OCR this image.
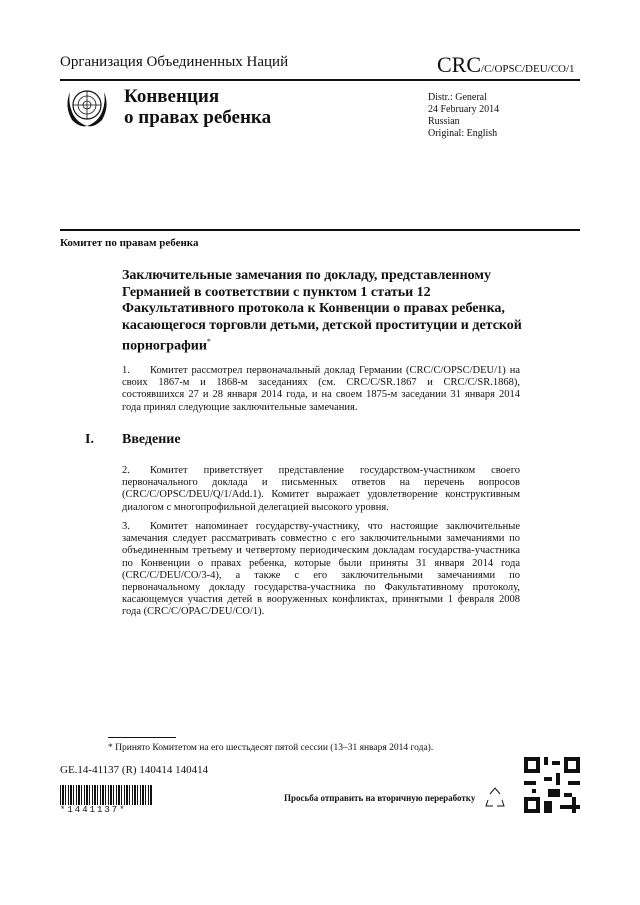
Организация Объединенных Наций	CRC/C/OPSC/DEU/CO/1
Конвенция
о правах ребенка
Distr.: General
24 February 2014
Russian
Original: English
Комитет по правам ребенка
Заключительные замечания по докладу, представленному Германией в соответствии с пунктом 1 статьи 12 Факультативного протокола к Конвенции о правах ребенка, касающегося торговли детьми, детской проституции и детской порнографии*
1. Комитет рассмотрел первоначальный доклад Германии (CRC/C/OPSC/DEU/1) на своих 1867-м и 1868-м заседаниях (см. CRC/C/SR.1867 и CRC/C/SR.1868), состоявшихся 27 и 28 января 2014 года, и на своем 1875-м заседании 31 января 2014 года принял следующие заключительные замечания.
I. Введение
2. Комитет приветствует представление государством-участником своего первоначального доклада и письменных ответов на перечень вопросов (CRC/C/OPSC/DEU/Q/1/Add.1). Комитет выражает удовлетворение конструктивным диалогом с многопрофильной делегацией высокого уровня.
3. Комитет напоминает государству-участнику, что настоящие заключительные замечания следует рассматривать совместно с его заключительными замечаниями по объединенным третьему и четвертому периодическим докладам государства-участника по Конвенции о правах ребенка, которые были приняты 31 января 2014 года (CRC/C/DEU/CO/3-4), а также с его заключительными замечаниями по первоначальному докладу государства-участника по Факультативному протоколу, касающемуся участия детей в вооруженных конфликтах, принятыми 1 февраля 2008 года (CRC/C/OPAC/DEU/CO/1).
* Принято Комитетом на его шестьдесят пятой сессии (13–31 января 2014 года).
GE.14-41137 (R) 140414 140414
*1441137*
Просьба отправить на вторичную переработку
